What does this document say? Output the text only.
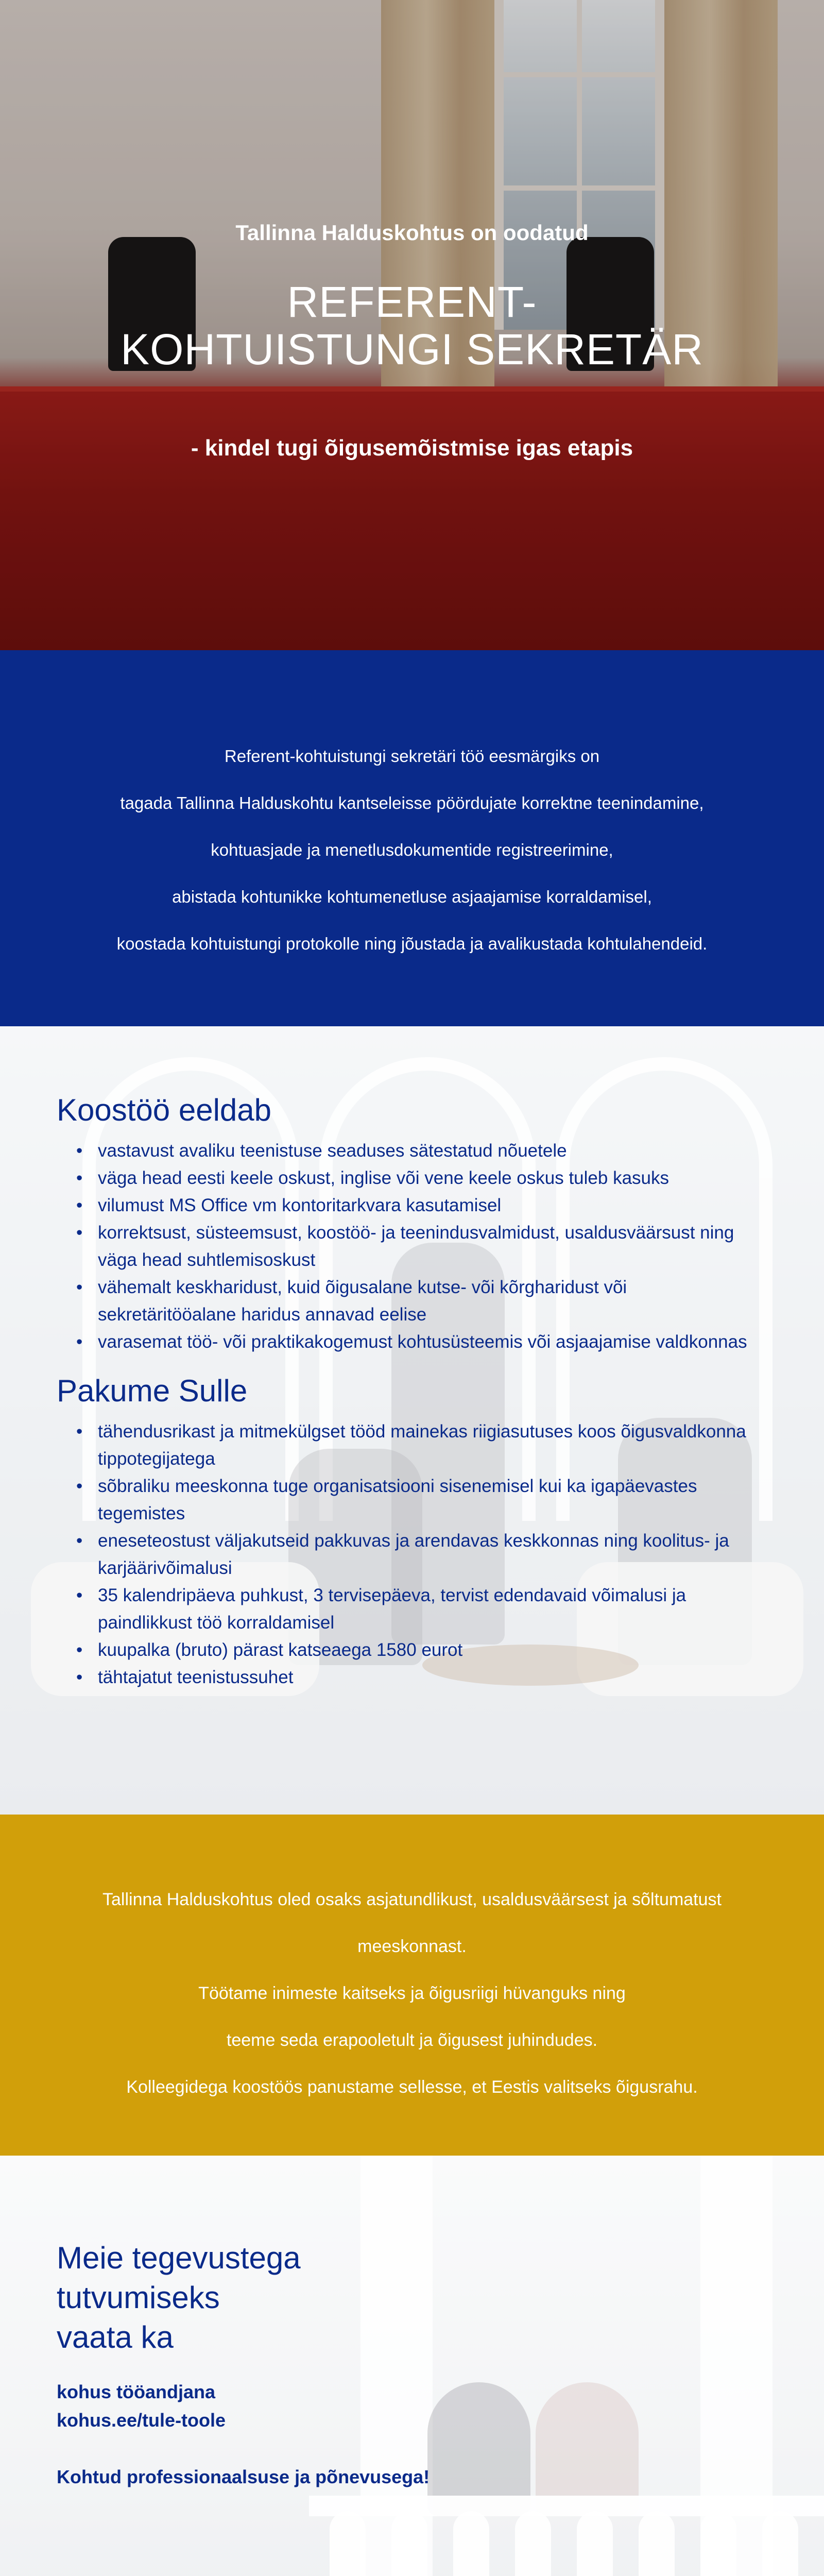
Tallinna Halduskohtus on oodatud
REFERENT-
KOHTUISTUNGI SEKRETÄR
- kindel tugi õigusemõistmise igas etapis

Referent-kohtuistungi sekretäri töö eesmärgiks on

tagada Tallinna Halduskohtu kantseleisse pöördujate korrektne teenindamine,

kohtuasjade ja menetlusdokumentide registreerimine,

abistada kohtunikke kohtumenetluse asjaajamise korraldamisel,

koostada kohtuistungi protokolle ning jõustada ja avalikustada kohtulahendeid.

Koostöö eeldab
• vastavust avaliku teenistuse seaduses sätestatud nõuetele
• väga head eesti keele oskust, inglise või vene keele oskus tuleb kasuks
• vilumust MS Office vm kontoritarkvara kasutamisel
• korrektsust, süsteemsust, koostöö- ja teenindusvalmidust, usaldusväärsust ning väga head suhtlemisoskust
• vähemalt keskharidust, kuid õigusalane kutse- või kõrgharidust või sekretäritööalane haridus annavad eelise
• varasemat töö- või praktikakogemust kohtusüsteemis või asjaajamise valdkonnas
Pakume Sulle
• tähendusrikast ja mitmekülgset tööd mainekas riigiasutuses koos õigusvaldkonna tippotegijatega
• sõbraliku meeskonna tuge organisatsiooni sisenemisel kui ka igapäevastes tegemistes
• eneseteostust väljakutseid pakkuvas ja arendavas keskkonnas ning koolitus- ja karjäärivõimalusi
• 35 kalendripäeva puhkust, 3 tervisepäeva, tervist edendavaid võimalusi ja paindlikkust töö korraldamisel
• kuupalka (bruto) pärast katseaega 1580 eurot
• tähtajatut teenistussuhet

Tallinna Halduskohtus oled osaks asjatundlikust, usaldusväärsest ja sõltumatust

meeskonnast.

Töötame inimeste kaitseks ja õigusriigi hüvanguks ning

teeme seda erapooletult ja õigusest juhindudes.

Kolleegidega koostöös panustame sellesse, et Eestis valitseks õigusrahu.

Meie tegevustega
tutvumiseks
vaata ka
kohus tööandjana
kohus.ee/tule-toole
Kohtud professionaalsuse ja põnevusega!
